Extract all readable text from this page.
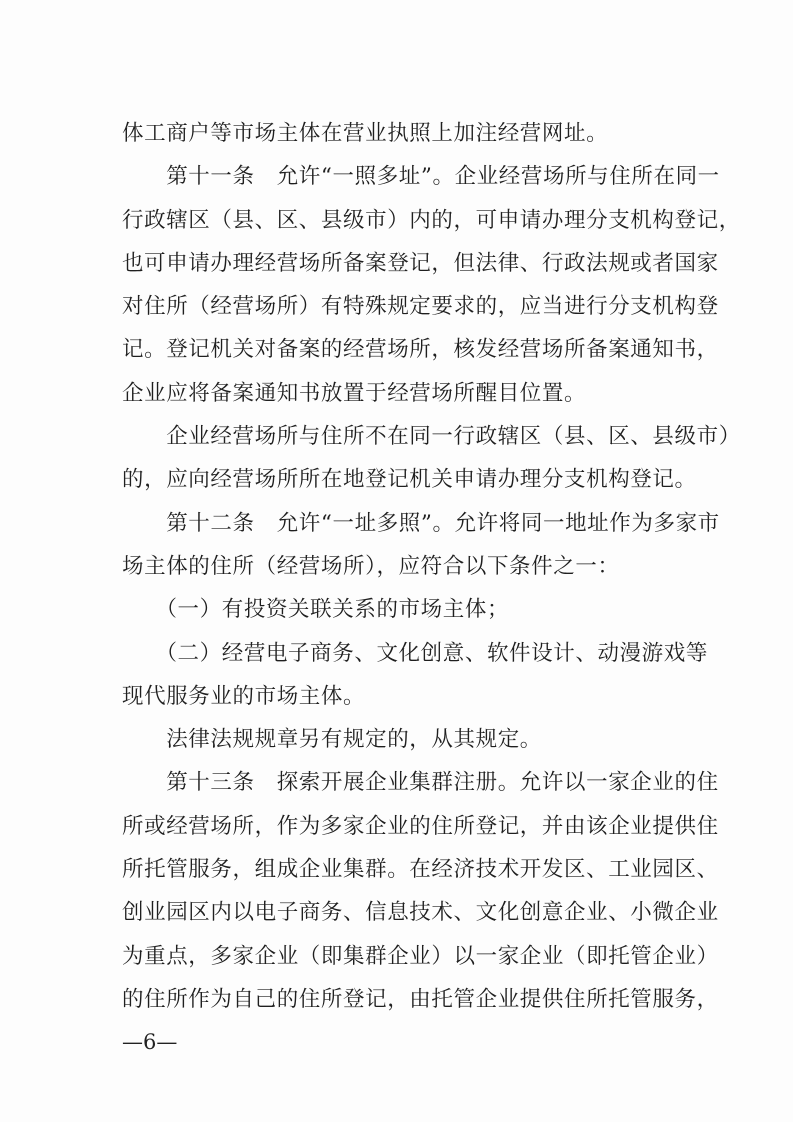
体工商户等市场主体在营业执照上加注经营网址。
　　第十一条　允许“一照多址”。企业经营场所与住所在同一
行政辖区（县、区、县级市）内的，可申请办理分支机构登记，
也可申请办理经营场所备案登记，但法律、行政法规或者国家
对住所（经营场所）有特殊规定要求的，应当进行分支机构登
记。登记机关对备案的经营场所，核发经营场所备案通知书，
企业应将备案通知书放置于经营场所醒目位置。
　　企业经营场所与住所不在同一行政辖区（县、区、县级市）
的，应向经营场所所在地登记机关申请办理分支机构登记。
　　第十二条　允许“一址多照”。允许将同一地址作为多家市
场主体的住所（经营场所），应符合以下条件之一：
　　（一）有投资关联关系的市场主体；
　　（二）经营电子商务、文化创意、软件设计、动漫游戏等
现代服务业的市场主体。
　　法律法规规章另有规定的，从其规定。
　　第十三条　探索开展企业集群注册。允许以一家企业的住
所或经营场所，作为多家企业的住所登记，并由该企业提供住
所托管服务，组成企业集群。在经济技术开发区、工业园区、
创业园区内以电子商务、信息技术、文化创意企业、小微企业
为重点，多家企业（即集群企业）以一家企业（即托管企业）
的住所作为自己的住所登记，由托管企业提供住所托管服务，
—6—
